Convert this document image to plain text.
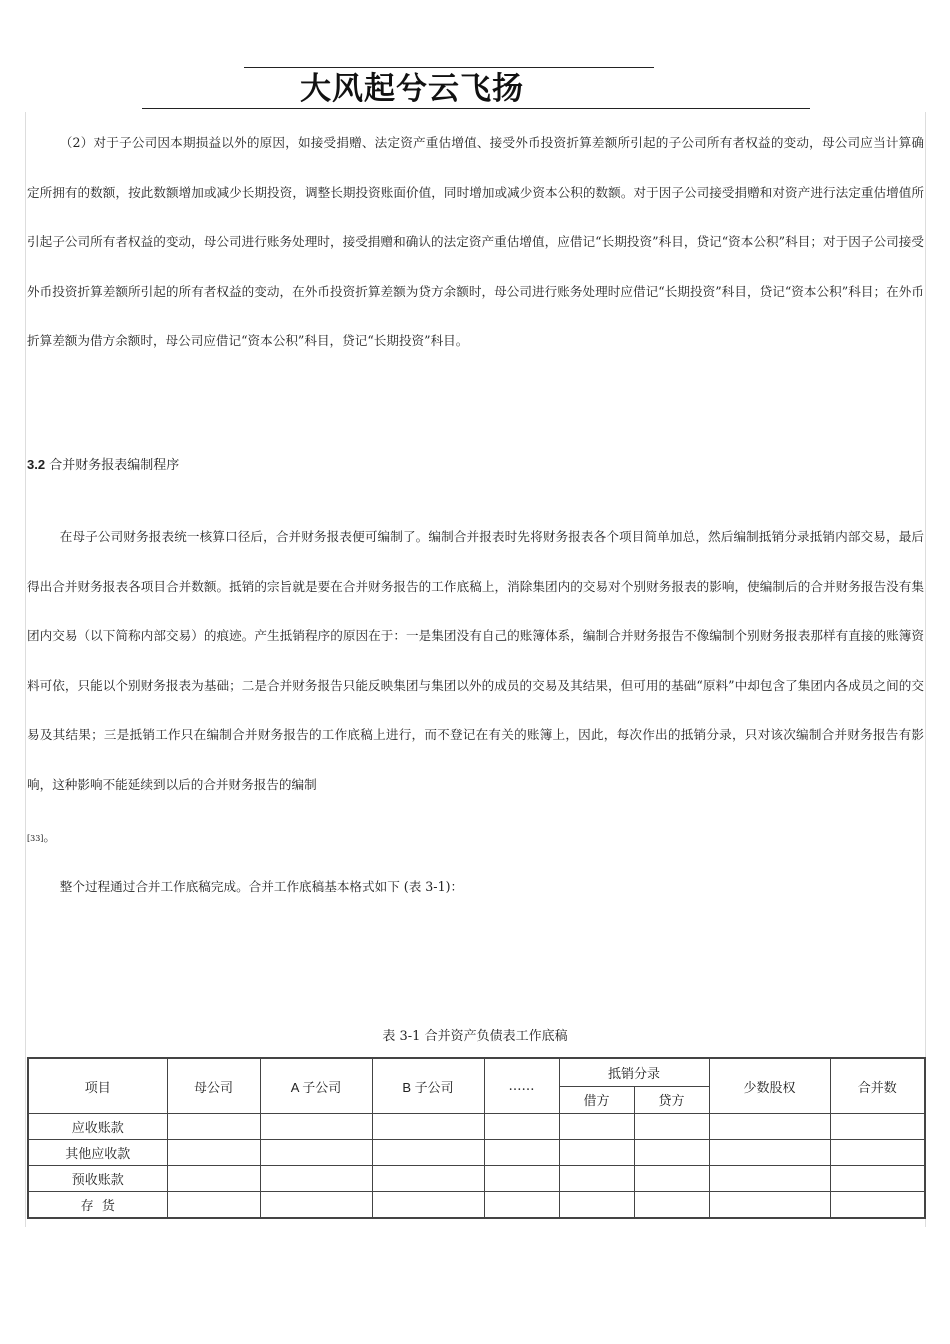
大风起兮云飞扬

（2）对于子公司因本期损益以外的原因，如接受捐赠、法定资产重估增值、接受外币投资折算差额所引起的子公司所有者权益的变动，母公司应当计算确定所拥有的数额，按此数额增加或减少长期投资，调整长期投资账面价值，同时增加或减少资本公积的数额。对于因子公司接受捐赠和对资产进行法定重估增值所引起子公司所有者权益的变动，母公司进行账务处理时，接受捐赠和确认的法定资产重估增值，应借记“长期投资”科目，贷记“资本公积”科目；对于因子公司接受外币投资折算差额所引起的所有者权益的变动，在外币投资折算差额为贷方余额时，母公司进行账务处理时应借记“长期投资”科目，贷记“资本公积”科目；在外币折算差额为借方余额时，母公司应借记“资本公积”科目，贷记“长期投资”科目。

3.2 合并财务报表编制程序

在母子公司财务报表统一核算口径后，合并财务报表便可编制了。编制合并报表时先将财务报表各个项目简单加总，然后编制抵销分录抵销内部交易，最后得出合并财务报表各项目合并数额。抵销的宗旨就是要在合并财务报告的工作底稿上，消除集团内的交易对个别财务报表的影响，使编制后的合并财务报告没有集团内交易（以下简称内部交易）的痕迹。产生抵销程序的原因在于：一是集团没有自己的账簿体系，编制合并财务报告不像编制个别财务报表那样有直接的账簿资料可依，只能以个别财务报表为基础；二是合并财务报告只能反映集团与集团以外的成员的交易及其结果，但可用的基础“原料”中却包含了集团内各成员之间的交易及其结果；三是抵销工作只在编制合并财务报告的工作底稿上进行，而不登记在有关的账簿上，因此，每次作出的抵销分录，只对该次编制合并财务报告有影响，这种影响不能延续到以后的合并财务报告的编制

[33]。

整个过程通过合并工作底稿完成。合并工作底稿基本格式如下 (表 3-1)：

表 3-1 合并资产负债表工作底稿
项目	母公司	A 子公司	B 子公司	……	抵销分录		少数股权	合并数
					借方	贷方		
应收账款								
其他应收款								
预收账款								
存  货								
